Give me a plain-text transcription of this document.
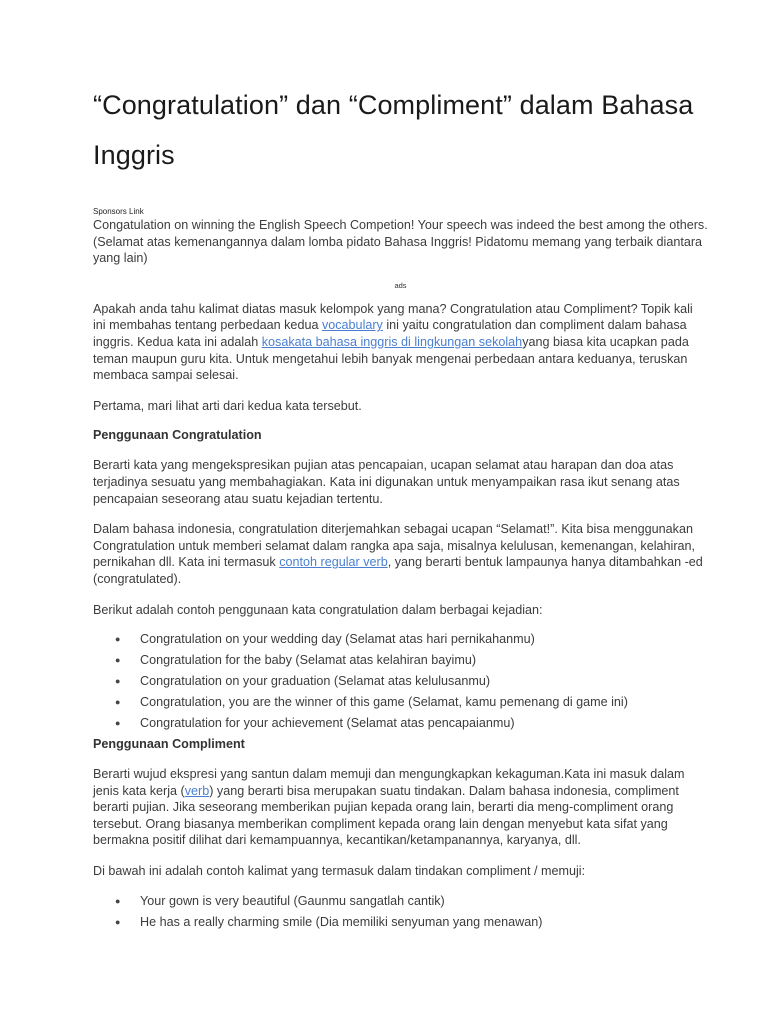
“Congratulation” dan “Compliment” dalam Bahasa Inggris
Sponsors Link

Congatulation on winning the English Speech Competion! Your speech was indeed the best among the others. (Selamat atas kemenangannya dalam lomba pidato Bahasa Inggris! Pidatomu memang yang terbaik diantara yang lain)

ads

Apakah anda tahu kalimat diatas masuk kelompok yang mana? Congratulation atau Compliment? Topik kali ini membahas tentang perbedaan kedua vocabulary ini yaitu congratulation dan compliment dalam bahasa inggris. Kedua kata ini adalah kosakata bahasa inggris di lingkungan sekolahyang biasa kita ucapkan pada teman maupun guru kita. Untuk mengetahui lebih banyak mengenai perbedaan antara keduanya, teruskan membaca sampai selesai.

Pertama, mari lihat arti dari kedua kata tersebut.

Penggunaan Congratulation

Berarti kata yang mengekspresikan pujian atas pencapaian, ucapan selamat atau harapan dan doa atas terjadinya sesuatu yang membahagiakan. Kata ini digunakan untuk menyampaikan rasa ikut senang atas pencapaian seseorang atau suatu kejadian tertentu.

Dalam bahasa indonesia, congratulation diterjemahkan sebagai ucapan “Selamat!”. Kita bisa menggunakan Congratulation untuk memberi selamat dalam rangka apa saja, misalnya kelulusan, kemenangan, kelahiran, pernikahan dll. Kata ini termasuk contoh regular verb, yang berarti bentuk lampaunya hanya ditambahkan -ed (congratulated).

Berikut adalah contoh penggunaan kata congratulation dalam berbagai kejadian:

● Congratulation on your wedding day (Selamat atas hari pernikahanmu)
● Congratulation for the baby (Selamat atas kelahiran bayimu)
● Congratulation on your graduation (Selamat atas kelulusanmu)
● Congratulation, you are the winner of this game (Selamat, kamu pemenang di game ini)
● Congratulation for your achievement (Selamat atas pencapaianmu)
Penggunaan Compliment

Berarti wujud ekspresi yang santun dalam memuji dan mengungkapkan kekaguman.Kata ini masuk dalam jenis kata kerja (verb) yang berarti bisa merupakan suatu tindakan. Dalam bahasa indonesia, compliment berarti pujian. Jika seseorang memberikan pujian kepada orang lain, berarti dia meng-compliment orang tersebut. Orang biasanya memberikan compliment kepada orang lain dengan menyebut kata sifat yang bermakna positif dilihat dari kemampuannya, kecantikan/ketampanannya, karyanya, dll.

Di bawah ini adalah contoh kalimat yang termasuk dalam tindakan compliment / memuji:

● Your gown is very beautiful (Gaunmu sangatlah cantik)
● He has a really charming smile (Dia memiliki senyuman yang menawan)
